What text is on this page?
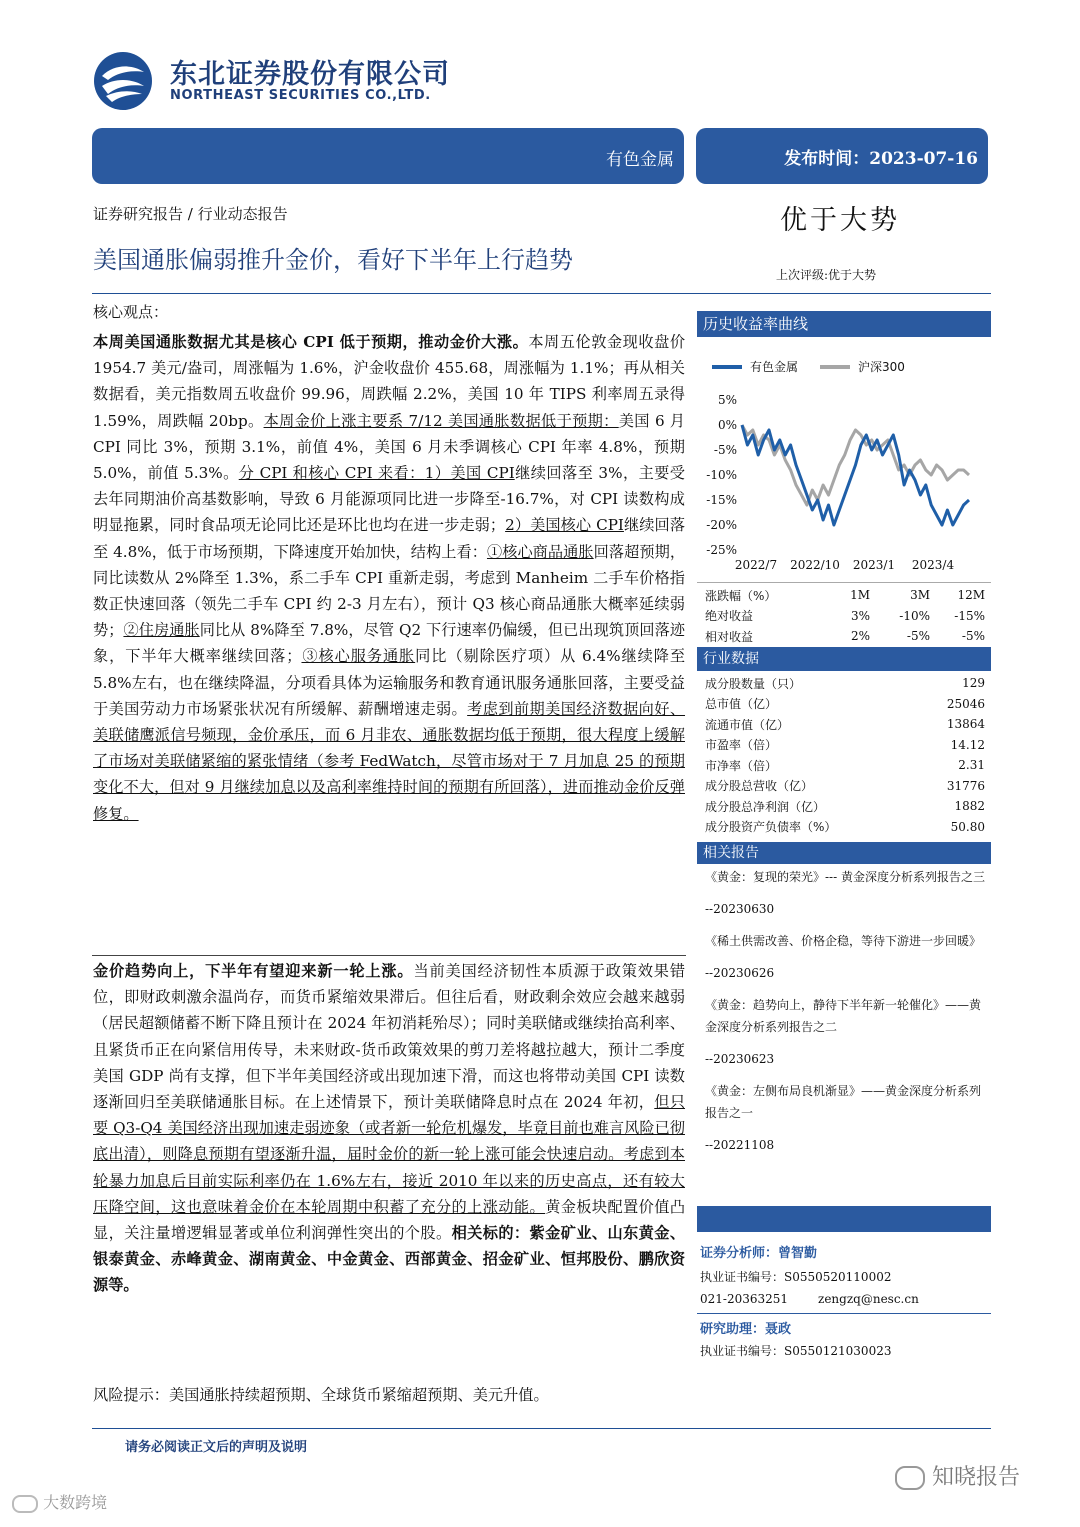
东北证券股份有限公司
NORTHEAST SECURITIES CO.,LTD.
有色金属	发布时间：2023-07-16
证券研究报告 / 行业动态报告	优于大势
美国通胀偏弱推升金价，看好下半年上行趋势
上次评级:优于大势
核心观点：

本周美国通胀数据尤其是核心 CPI 低于预期，推动金价大涨。本周五伦敦金现收盘价 1954.7 美元/盎司，周涨幅为 1.6%，沪金收盘价 455.68，周涨幅为 1.1%；再从相关数据看，美元指数周五收盘价 99.96，周跌幅 2.2%，美国 10 年 TIPS 利率周五录得 1.59%，周跌幅 20bp。本周金价上涨主要系 7/12 美国通胀数据低于预期：美国 6 月 CPI 同比 3%，预期 3.1%，前值 4%，美国 6 月未季调核心 CPI 年率 4.8%，预期 5.0%，前值 5.3%。分 CPI 和核心 CPI 来看：1）美国 CPI继续回落至 3%，主要受去年同期油价高基数影响，导致 6 月能源项同比进一步降至-16.7%，对 CPI 读数构成明显拖累，同时食品项无论同比还是环比也均在进一步走弱；2）美国核心 CPI继续回落至 4.8%，低于市场预期，下降速度开始加快，结构上看：①核心商品通胀回落超预期，同比读数从 2%降至 1.3%，系二手车 CPI 重新走弱，考虑到 Manheim 二手车价格指数正快速回落（领先二手车 CPI 约 2-3 月左右），预计 Q3 核心商品通胀大概率延续弱势；②住房通胀同比从 8%降至 7.8%，尽管 Q2 下行速率仍偏缓，但已出现筑顶回落迹象，下半年大概率继续回落；③核心服务通胀同比（剔除医疗项）从 6.4%继续降至 5.8%左右，也在继续降温，分项看具体为运输服务和教育通讯服务通胀回落，主要受益于美国劳动力市场紧张状况有所缓解、薪酬增速走弱。考虑到前期美国经济数据向好、美联储鹰派信号频现，金价承压，而 6 月非农、通胀数据均低于预期，很大程度上缓解了市场对美联储紧缩的紧张情绪（参考 FedWatch，尽管市场对于 7 月加息 25 的预期变化不大，但对 9 月继续加息以及高利率维持时间的预期有所回落），进而推动金价反弹修复。

金价趋势向上，下半年有望迎来新一轮上涨。当前美国经济韧性本质源于政策效果错位，即财政刺激余温尚存，而货币紧缩效果滞后。但往后看，财政剩余效应会越来越弱（居民超额储蓄不断下降且预计在 2024 年初消耗殆尽）；同时美联储或继续抬高利率、且紧货币正在向紧信用传导，未来财政-货币政策效果的剪刀差将越拉越大，预计二季度美国 GDP 尚有支撑，但下半年美国经济或出现加速下滑，而这也将带动美国 CPI 读数逐渐回归至美联储通胀目标。在上述情景下，预计美联储降息时点在 2024 年初，但只要 Q3-Q4 美国经济出现加速走弱迹象（或者新一轮危机爆发，毕竟目前也难言风险已彻底出清），则降息预期有望逐渐升温，届时金价的新一轮上涨可能会快速启动。考虑到本轮暴力加息后目前实际利率仍在 1.6%左右，接近 2010 年以来的历史高点，还有较大压降空间，这也意味着金价在本轮周期中积蓄了充分的上涨动能。黄金板块配置价值凸显，关注量增逻辑显著或单位利润弹性突出的个股。相关标的：紫金矿业、山东黄金、银泰黄金、赤峰黄金、湖南黄金、中金黄金、西部黄金、招金矿业、恒邦股份、鹏欣资源等。

风险提示：美国通胀持续超预期、全球货币紧缩超预期、美元升值。
历史收益率曲线
有色金属	沪深300
5%
0%
-5%
-10%
-15%
-20%
-25%
2022/7 2022/10 2023/1 2023/4
涨跌幅（%）	1M	3M	12M
绝对收益	3%	-10%	-15%
相对收益	2%	-5%	-5%
行业数据
成分股数量（只）	129
总市值（亿）	25046
流通市值（亿）	13864
市盈率（倍）	14.12
市净率（倍）	2.31
成分股总营收（亿）	31776
成分股总净利润（亿）	1882
成分股资产负债率（%）	50.80
相关报告

《黄金：复现的荣光》--- 黄金深度分析系列报告之三

--20230630

《稀土供需改善、价格企稳，等待下游进一步回暖》

--20230626

《黄金：趋势向上，静待下半年新一轮催化》——黄金深度分析系列报告之二

--20230623

《黄金：左侧布局良机渐显》——黄金深度分析系列报告之一

--20221108

证券分析师：曾智勤
执业证书编号：S0550520110002
021-20363251 zengzq@nesc.cn
研究助理：聂政
执业证书编号：S0550121030023
请务必阅读正文后的声明及说明
大数跨境
知晓报告
